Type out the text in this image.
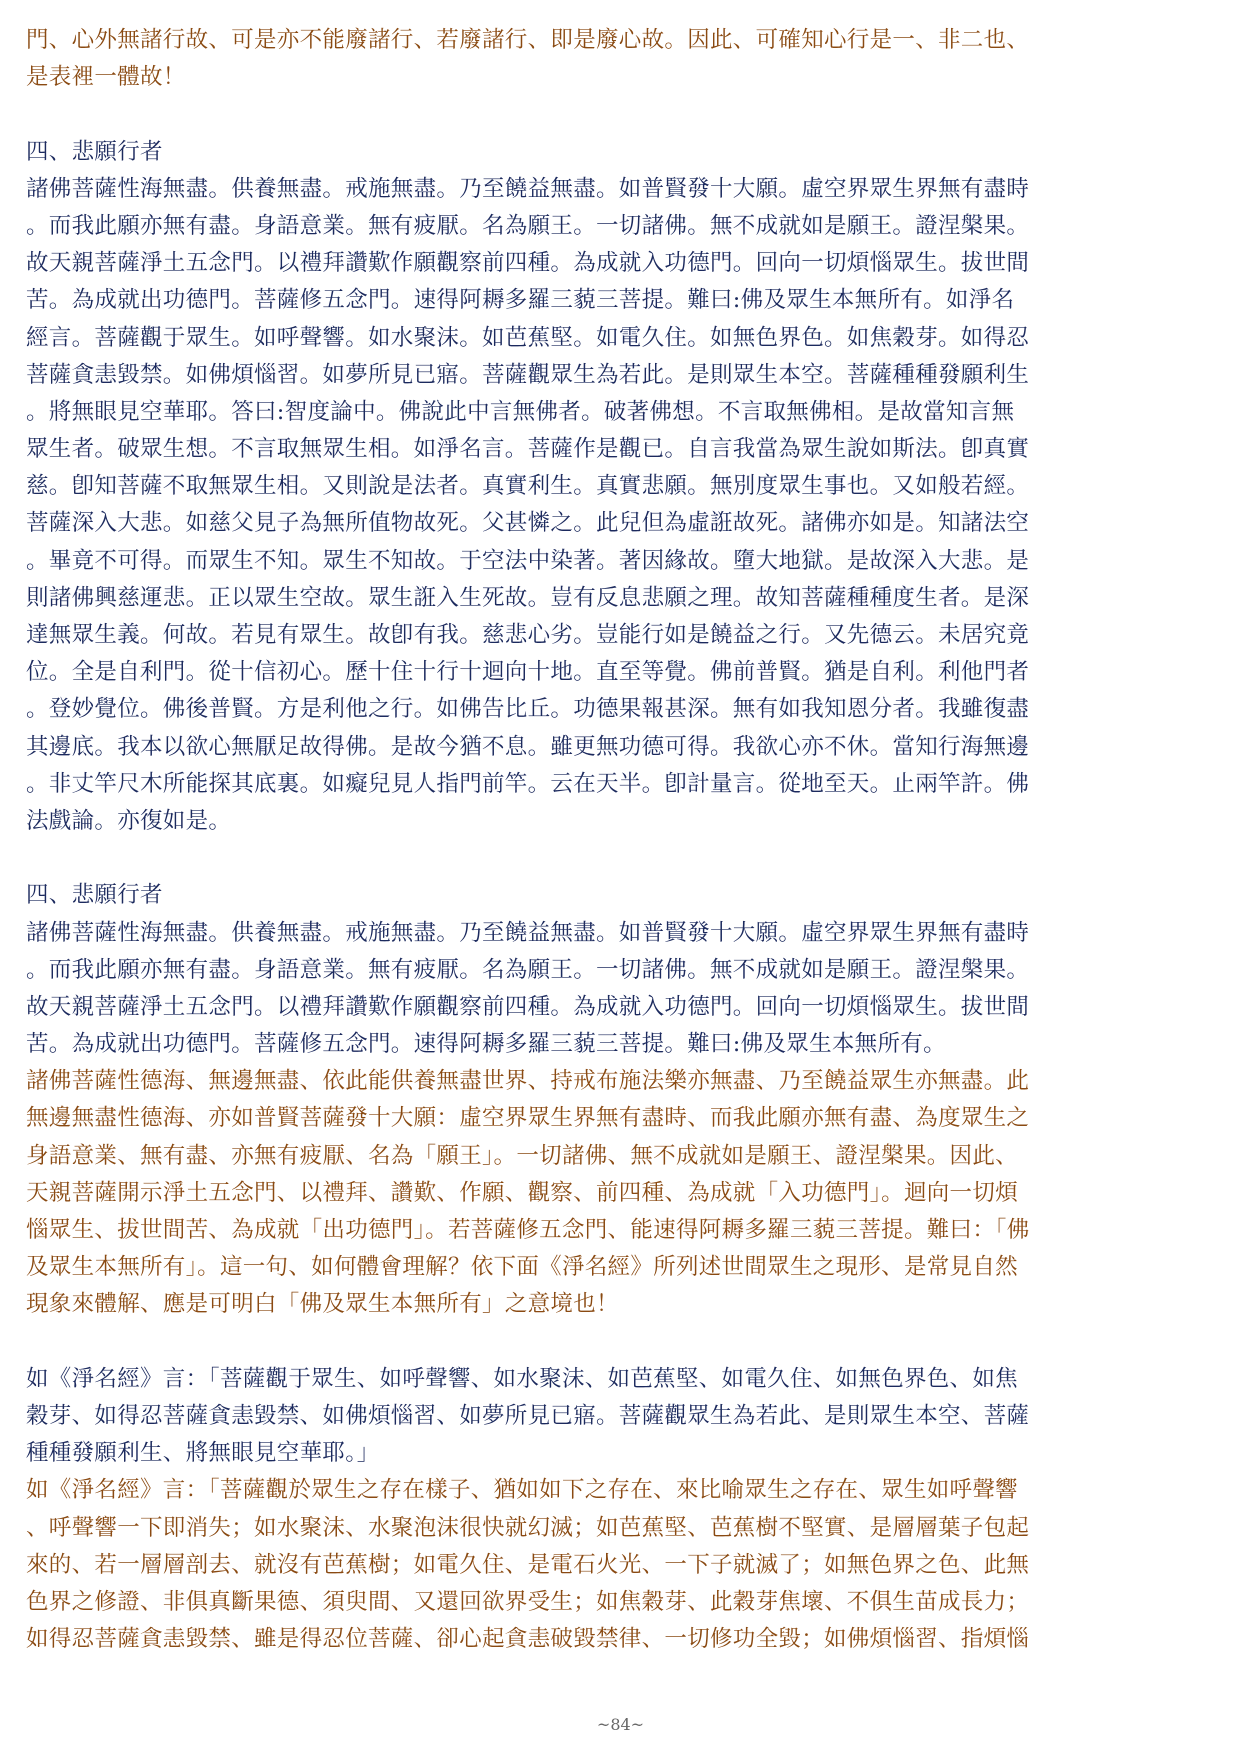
門、心外無諸行故、可是亦不能廢諸行、若廢諸行、即是廢心故。因此、可確知心行是一、非二也、
是表裡一體故！
四、悲願行者
諸佛菩薩性海無盡。供養無盡。戒施無盡。乃至饒益無盡。如普賢發十大願。虛空界眾生界無有盡時
。而我此願亦無有盡。身語意業。無有疲厭。名為願王。一切諸佛。無不成就如是願王。證涅槃果。
故天親菩薩淨土五念門。以禮拜讚歎作願觀察前四種。為成就入功德門。回向一切煩惱眾生。拔世間
苦。為成就出功德門。菩薩修五念門。速得阿耨多羅三藐三菩提。難曰:佛及眾生本無所有。如淨名
經言。菩薩觀于眾生。如呼聲響。如水聚沫。如芭蕉堅。如電久住。如無色界色。如焦穀芽。如得忍
菩薩貪恚毀禁。如佛煩惱習。如夢所見已寤。菩薩觀眾生為若此。是則眾生本空。菩薩種種發願利生
。將無眼見空華耶。答曰:智度論中。佛說此中言無佛者。破著佛想。不言取無佛相。是故當知言無
眾生者。破眾生想。不言取無眾生相。如淨名言。菩薩作是觀已。自言我當為眾生說如斯法。卽真實
慈。卽知菩薩不取無眾生相。又則說是法者。真實利生。真實悲願。無別度眾生事也。又如般若經。
菩薩深入大悲。如慈父見子為無所值物故死。父甚憐之。此兒但為虛誑故死。諸佛亦如是。知諸法空
。畢竟不可得。而眾生不知。眾生不知故。于空法中染著。著因緣故。墮大地獄。是故深入大悲。是
則諸佛興慈運悲。正以眾生空故。眾生誑入生死故。豈有反息悲願之理。故知菩薩種種度生者。是深
達無眾生義。何故。若見有眾生。故卽有我。慈悲心劣。豈能行如是饒益之行。又先德云。未居究竟
位。全是自利門。從十信初心。歷十住十行十迴向十地。直至等覺。佛前普賢。猶是自利。利他門者
。登妙覺位。佛後普賢。方是利他之行。如佛告比丘。功德果報甚深。無有如我知恩分者。我雖復盡
其邊底。我本以欲心無厭足故得佛。是故今猶不息。雖更無功德可得。我欲心亦不休。當知行海無邊
。非丈竿尺木所能探其底裏。如癡兒見人指門前竿。云在天半。卽計量言。從地至天。止兩竿許。佛
法戲論。亦復如是。
四、悲願行者
諸佛菩薩性海無盡。供養無盡。戒施無盡。乃至饒益無盡。如普賢發十大願。虛空界眾生界無有盡時
。而我此願亦無有盡。身語意業。無有疲厭。名為願王。一切諸佛。無不成就如是願王。證涅槃果。
故天親菩薩淨土五念門。以禮拜讚歎作願觀察前四種。為成就入功德門。回向一切煩惱眾生。拔世間
苦。為成就出功德門。菩薩修五念門。速得阿耨多羅三藐三菩提。難曰:佛及眾生本無所有。
諸佛菩薩性德海、無邊無盡、依此能供養無盡世界、持戒布施法樂亦無盡、乃至饒益眾生亦無盡。此
無邊無盡性德海、亦如普賢菩薩發十大願：虛空界眾生界無有盡時、而我此願亦無有盡、為度眾生之
身語意業、無有盡、亦無有疲厭、名為「願王」。一切諸佛、無不成就如是願王、證涅槃果。因此、
天親菩薩開示淨土五念門、以禮拜、讚歎、作願、觀察、前四種、為成就「入功德門」。迴向一切煩
惱眾生、拔世間苦、為成就「出功德門」。若菩薩修五念門、能速得阿耨多羅三藐三菩提。難曰：「佛
及眾生本無所有」。這一句、如何體會理解？依下面《淨名經》所列述世間眾生之現形、是常見自然
現象來體解、應是可明白「佛及眾生本無所有」之意境也！
如《淨名經》言：「菩薩觀于眾生、如呼聲響、如水聚沫、如芭蕉堅、如電久住、如無色界色、如焦
穀芽、如得忍菩薩貪恚毀禁、如佛煩惱習、如夢所見已寤。菩薩觀眾生為若此、是則眾生本空、菩薩
種種發願利生、將無眼見空華耶。」
如《淨名經》言：「菩薩觀於眾生之存在樣子、猶如如下之存在、來比喻眾生之存在、眾生如呼聲響
、呼聲響一下即消失；如水聚沫、水聚泡沫很快就幻滅；如芭蕉堅、芭蕉樹不堅實、是層層葉子包起
來的、若一層層剖去、就沒有芭蕉樹；如電久住、是電石火光、一下子就滅了；如無色界之色、此無
色界之修證、非俱真斷果德、須臾間、又還回欲界受生；如焦穀芽、此穀芽焦壞、不俱生苗成長力；
如得忍菩薩貪恚毀禁、雖是得忍位菩薩、卻心起貪恚破毀禁律、一切修功全毀；如佛煩惱習、指煩惱
~84~
